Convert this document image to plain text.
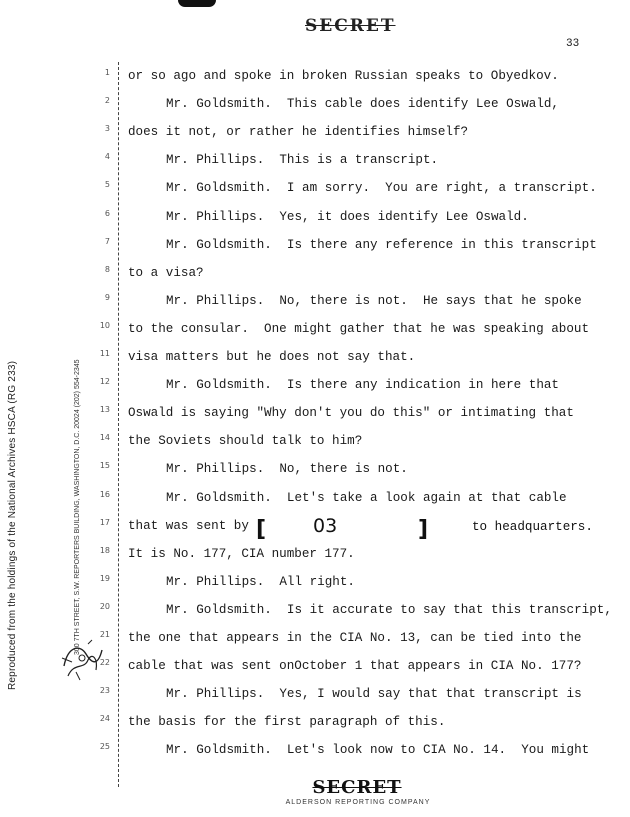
SECRET
33
Reproduced from the holdings of the National Archives HSCA (RG 233)	300 7TH STREET, S.W. REPORTERS BUILDING, WASHINGTON, D.C. 20024 (202) 554-2345
1 or so ago and spoke in broken Russian speaks to Obyedkov.
2	Mr. Goldsmith.  This cable does identify Lee Oswald,
3 does it not, or rather he identifies himself?
4	Mr. Phillips.  This is a transcript.
5	Mr. Goldsmith.  I am sorry.  You are right, a transcript.
6	Mr. Phillips.  Yes, it does identify Lee Oswald.
7	Mr. Goldsmith.  Is there any reference in this transcript
8 to a visa?
9	Mr. Phillips.  No, there is not.  He says that he spoke
10 to the consular.  One might gather that he was speaking about
11 visa matters but he does not say that.
12	Mr. Goldsmith.  Is there any indication in here that
13 Oswald is saying "Why don't you do this" or intimating that
14 the Soviets should talk to him?
15	Mr. Phillips.  No, there is not.
16	Mr. Goldsmith.  Let's take a look again at that cable
17 that was sent by
18 It is No. 177, CIA number 177.
19	Mr. Phillips.  All right.
20	Mr. Goldsmith.  Is it accurate to say that this transcript,
21 the one that appears in the CIA No. 13, can be tied into the
22 cable that was sent onOctober 1 that appears in CIA No. 177?
23	Mr. Phillips.  Yes, I would say that that transcript is
24 the basis for the first paragraph of this.
25	Mr. Goldsmith.  Let's look now to CIA No. 14.  You might
[ 03	]	to headquarters.
SECRET
ALDERSON REPORTING COMPANY
